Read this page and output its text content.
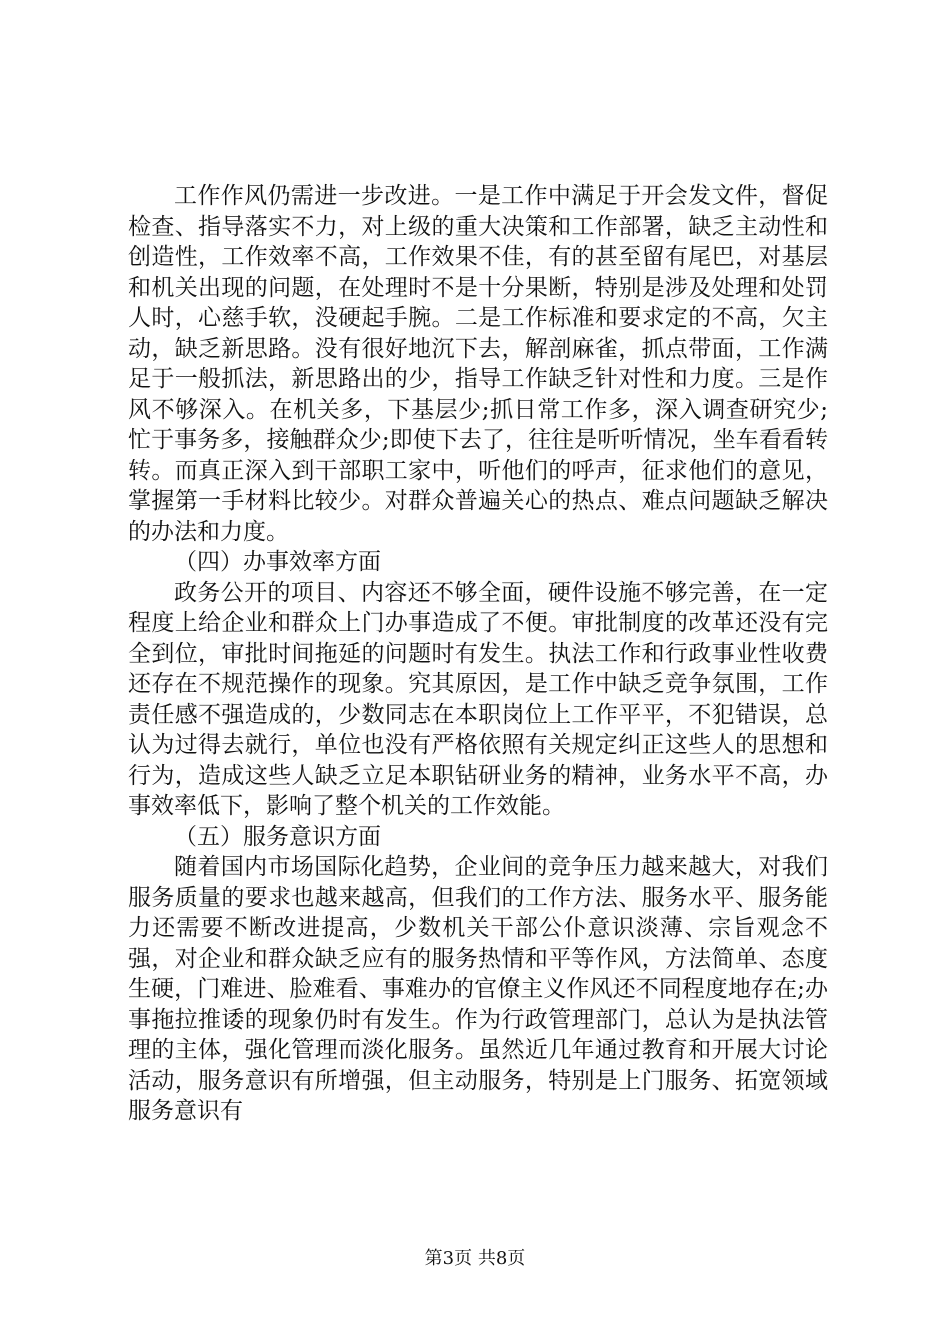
工作作风仍需进一步改进。一是工作中满足于开会发文件，督促检查、指导落实不力，对上级的重大决策和工作部署，缺乏主动性和创造性，工作效率不高，工作效果不佳，有的甚至留有尾巴，对基层和机关出现的问题，在处理时不是十分果断，特别是涉及处理和处罚人时，心慈手软，没硬起手腕。二是工作标准和要求定的不高，欠主动，缺乏新思路。没有很好地沉下去，解剖麻雀，抓点带面，工作满足于一般抓法，新思路出的少，指导工作缺乏针对性和力度。三是作风不够深入。在机关多，下基层少;抓日常工作多，深入调查研究少;忙于事务多，接触群众少;即使下去了，往往是听听情况，坐车看看转转。而真正深入到干部职工家中，听他们的呼声，征求他们的意见，掌握第一手材料比较少。对群众普遍关心的热点、难点问题缺乏解决的办法和力度。

（四）办事效率方面

政务公开的项目、内容还不够全面，硬件设施不够完善，在一定程度上给企业和群众上门办事造成了不便。审批制度的改革还没有完全到位，审批时间拖延的问题时有发生。执法工作和行政事业性收费还存在不规范操作的现象。究其原因，是工作中缺乏竞争氛围，工作责任感不强造成的，少数同志在本职岗位上工作平平，不犯错误，总认为过得去就行，单位也没有严格依照有关规定纠正这些人的思想和行为，造成这些人缺乏立足本职钻研业务的精神，业务水平不高，办事效率低下，影响了整个机关的工作效能。

（五）服务意识方面

随着国内市场国际化趋势，企业间的竞争压力越来越大，对我们服务质量的要求也越来越高，但我们的工作方法、服务水平、服务能力还需要不断改进提高，少数机关干部公仆意识淡薄、宗旨观念不强，对企业和群众缺乏应有的服务热情和平等作风，方法简单、态度生硬，门难进、脸难看、事难办的官僚主义作风还不同程度地存在;办事拖拉推诿的现象仍时有发生。作为行政管理部门，总认为是执法管理的主体，强化管理而淡化服务。虽然近几年通过教育和开展大讨论活动，服务意识有所增强，但主动服务，特别是上门服务、拓宽领域服务意识有

第3页 共8页
